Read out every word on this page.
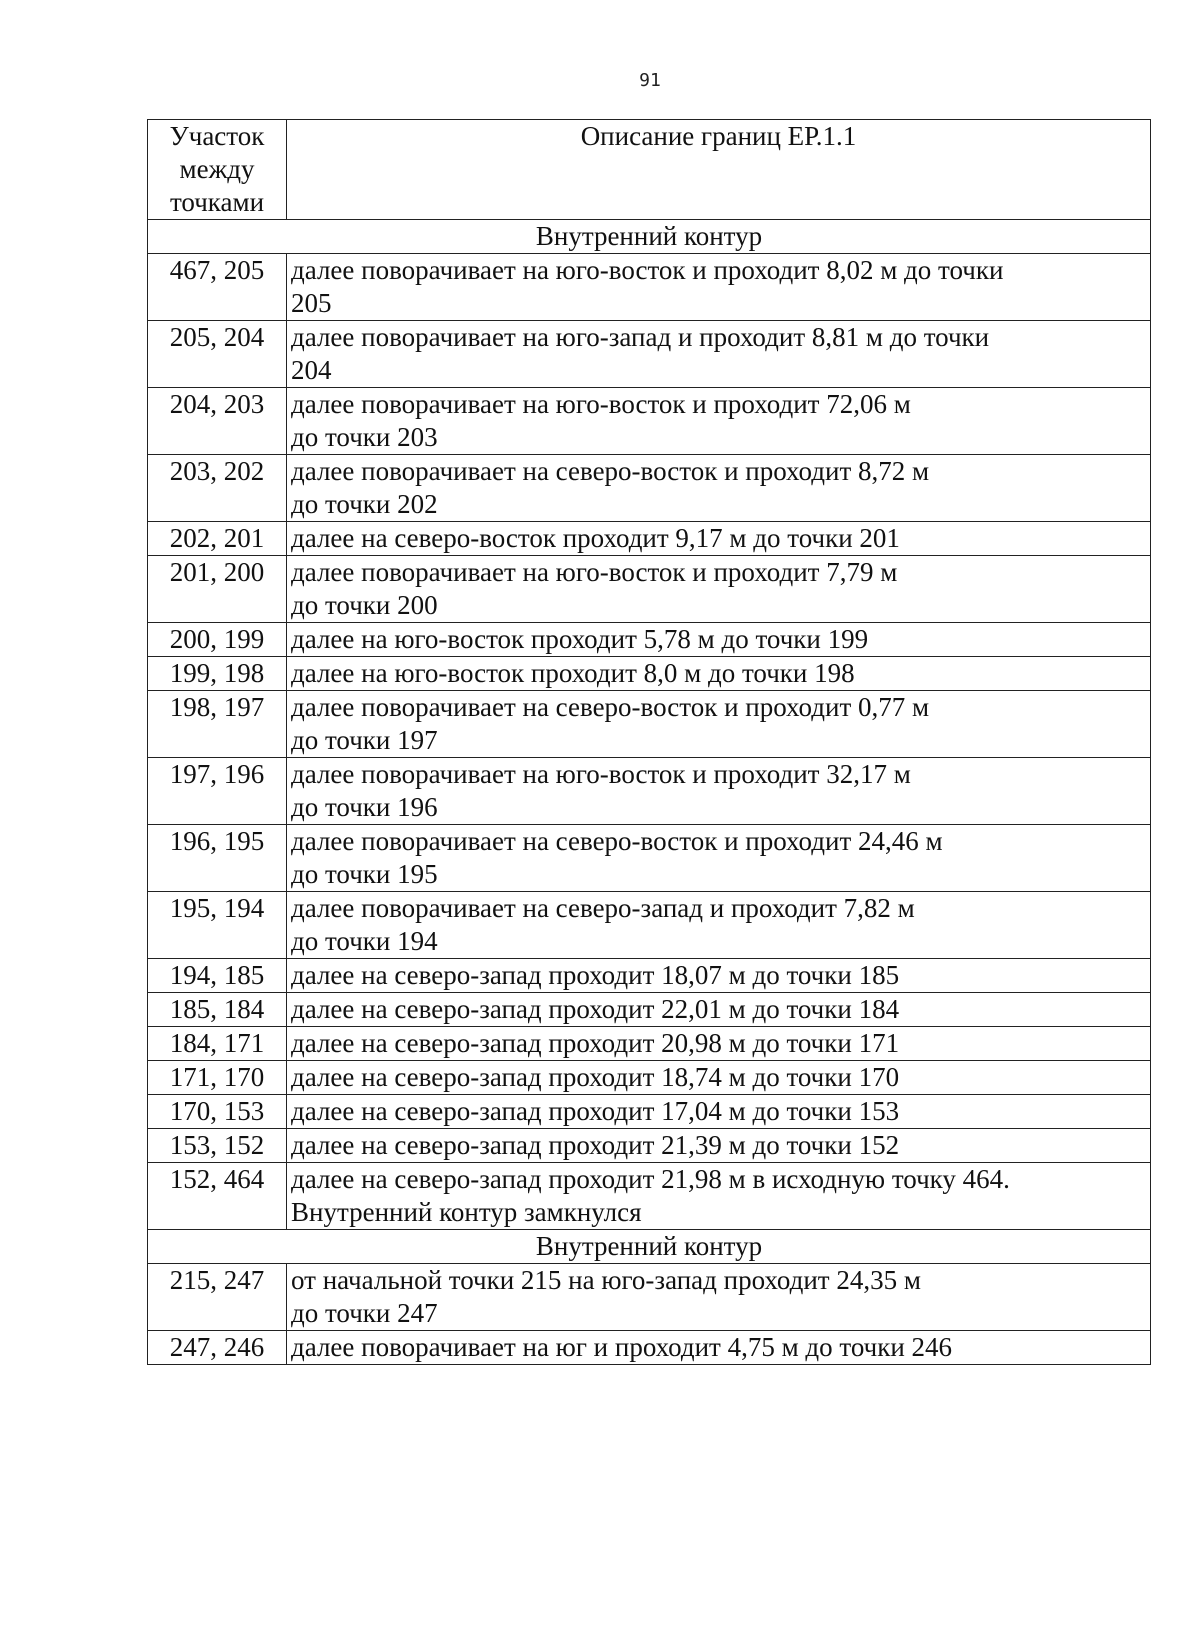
91
Участок
между
точками	Описание границ ЕР.1.1
Внутренний контур	
467, 205	далее поворачивает на юго-восток и проходит 8,02 м до точки
205

205, 204	далее поворачивает на юго-запад и проходит 8,81 м до точки
204

204, 203	далее поворачивает на юго-восток и проходит 72,06 м
до точки 203

203, 202	далее поворачивает на северо-восток и проходит 8,72 м
до точки 202

202, 201	далее на северо-восток проходит 9,17 м до точки 201

201, 200	далее поворачивает на юго-восток и проходит 7,79 м
до точки 200

200, 199	далее на юго-восток проходит 5,78 м до точки 199

199, 198	далее на юго-восток проходит 8,0 м до точки 198

198, 197	далее поворачивает на северо-восток и проходит 0,77 м
до точки 197

197, 196	далее поворачивает на юго-восток и проходит 32,17 м
до точки 196

196, 195	далее поворачивает на северо-восток и проходит 24,46 м
до точки 195

195, 194	далее поворачивает на северо-запад и проходит 7,82 м
до точки 194

194, 185	далее на северо-запад проходит 18,07 м до точки 185

185, 184	далее на северо-запад проходит 22,01 м до точки 184

184, 171	далее на северо-запад проходит 20,98 м до точки 171

171, 170	далее на северо-запад проходит 18,74 м до точки 170

170, 153	далее на северо-запад проходит 17,04 м до точки 153

153, 152	далее на северо-запад проходит 21,39 м до точки 152

152, 464	далее на северо-запад проходит 21,98 м в исходную точку 464.
Внутренний контур замкнулся

Внутренний контур	
215, 247	от начальной точки 215 на юго-запад проходит 24,35 м
до точки 247

247, 246	далее поворачивает на юг и проходит 4,75 м до точки 246
